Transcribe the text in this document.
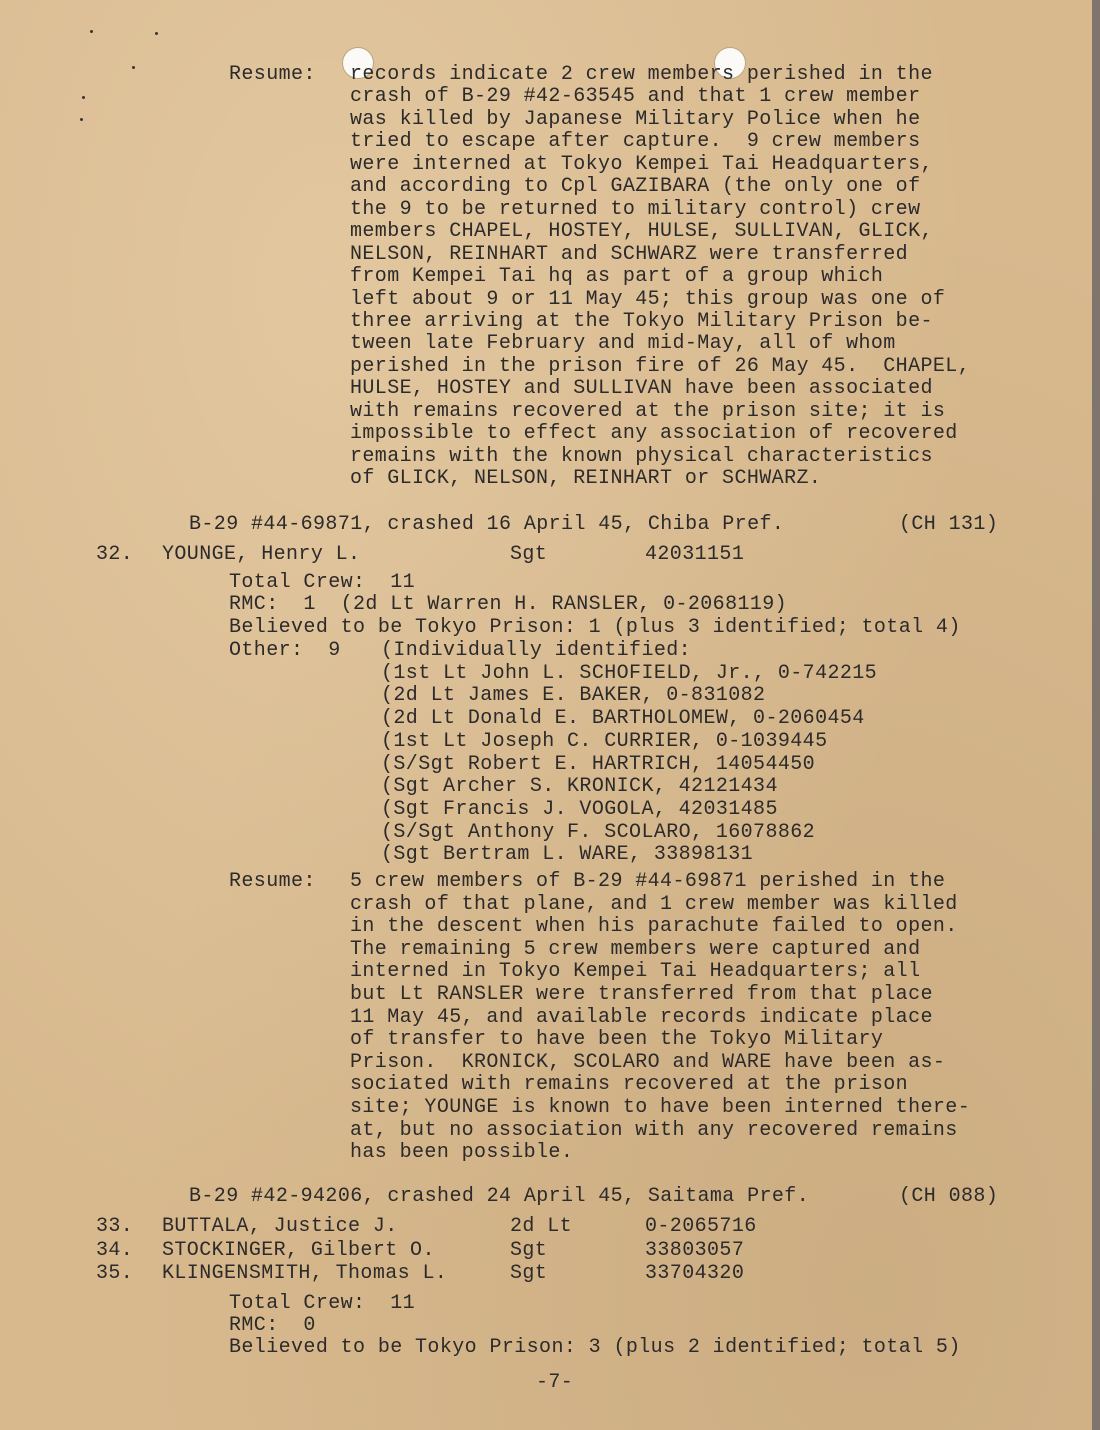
Resume: records indicate 2 crew members perished in the
crash of B-29 #42-63545 and that 1 crew member
was killed by Japanese Military Police when he
tried to escape after capture.  9 crew members
were interned at Tokyo Kempei Tai Headquarters,
and according to Cpl GAZIBARA (the only one of
the 9 to be returned to military control) crew
members CHAPEL, HOSTEY, HULSE, SULLIVAN, GLICK,
NELSON, REINHART and SCHWARZ were transferred
from Kempei Tai hq as part of a group which
left about 9 or 11 May 45; this group was one of
three arriving at the Tokyo Military Prison be-
tween late February and mid-May, all of whom
perished in the prison fire of 26 May 45.  CHAPEL,
HULSE, HOSTEY and SULLIVAN have been associated
with remains recovered at the prison site; it is
impossible to effect any association of recovered
remains with the known physical characteristics
of GLICK, NELSON, REINHART or SCHWARZ.
B-29 #44-69871, crashed 16 April 45, Chiba Pref.	(CH 131)
32. YOUNGE, Henry L.	Sgt	42031151
Total Crew:  11
RMC:  1  (2d Lt Warren H. RANSLER, 0-2068119)
Believed to be Tokyo Prison: 1 (plus 3 identified; total 4)
Other:  9 (Individually identified:
(1st Lt John L. SCHOFIELD, Jr., 0-742215
(2d Lt James E. BAKER, 0-831082
(2d Lt Donald E. BARTHOLOMEW, 0-2060454
(1st Lt Joseph C. CURRIER, 0-1039445
(S/Sgt Robert E. HARTRICH, 14054450
(Sgt Archer S. KRONICK, 42121434
(Sgt Francis J. VOGOLA, 42031485
(S/Sgt Anthony F. SCOLARO, 16078862
(Sgt Bertram L. WARE, 33898131
Resume: 5 crew members of B-29 #44-69871 perished in the
crash of that plane, and 1 crew member was killed
in the descent when his parachute failed to open.
The remaining 5 crew members were captured and
interned in Tokyo Kempei Tai Headquarters; all
but Lt RANSLER were transferred from that place
11 May 45, and available records indicate place
of transfer to have been the Tokyo Military
Prison.  KRONICK, SCOLARO and WARE have been as-
sociated with remains recovered at the prison
site; YOUNGE is known to have been interned there-
at, but no association with any recovered remains
has been possible.
B-29 #42-94206, crashed 24 April 45, Saitama Pref.	(CH 088)
33. BUTTALA, Justice J.	2d Lt	0-2065716
34. STOCKINGER, Gilbert O.	Sgt	33803057
35. KLINGENSMITH, Thomas L.	Sgt	33704320
Total Crew:  11
RMC:  0
Believed to be Tokyo Prison: 3 (plus 2 identified; total 5)
-7-
